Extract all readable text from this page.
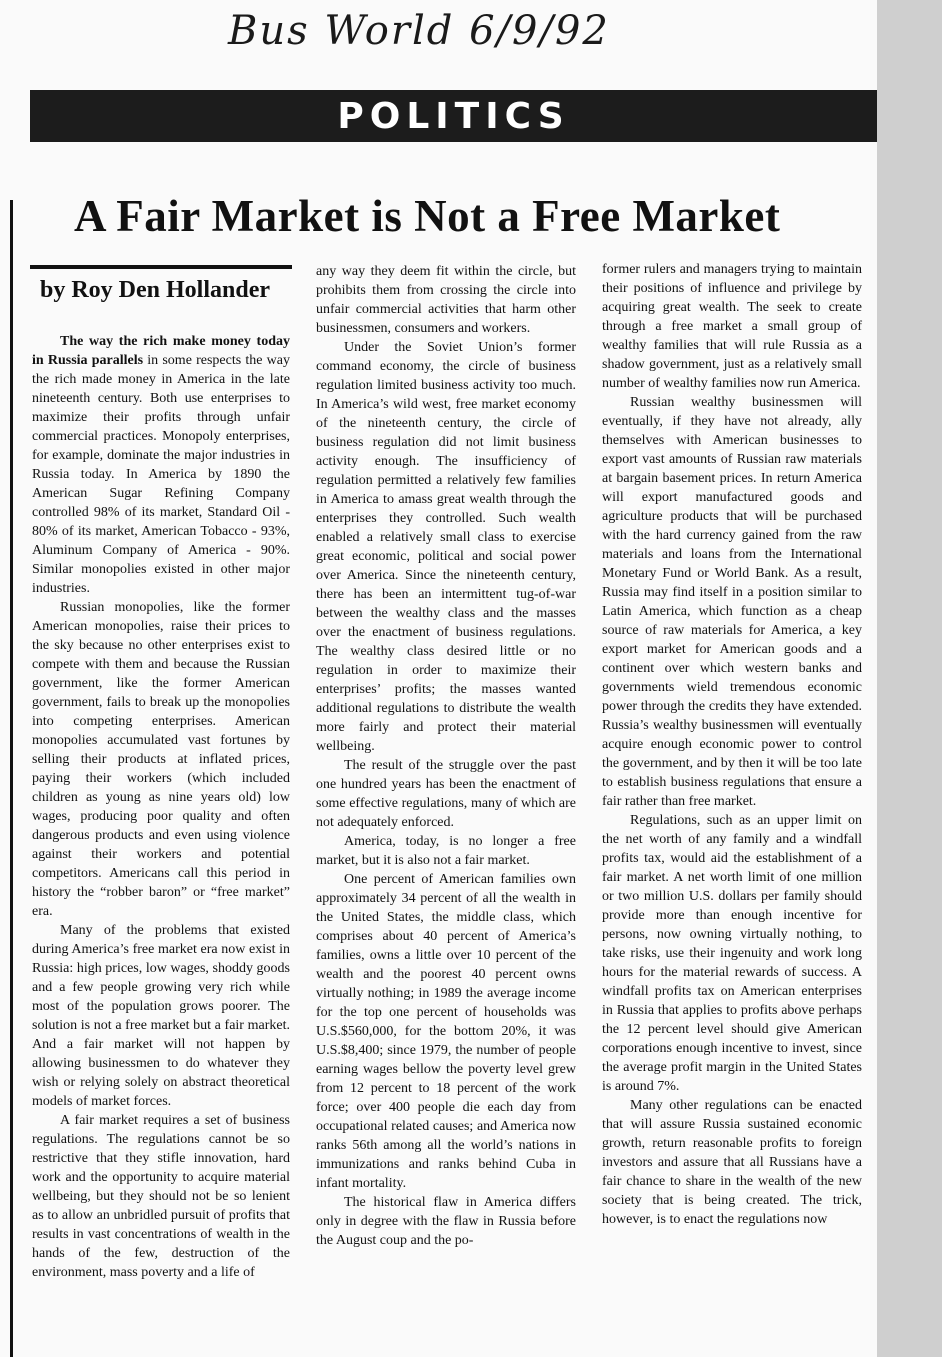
Bus World 6/9/92
POLITICS
A Fair Market is Not a Free Market
by Roy Den Hollander

The way the rich make money today in Russia parallels in some respects the way the rich made money in America in the late nineteenth century. Both use enterprises to maximize their profits through unfair commercial practices. Monopoly enterprises, for example, dominate the major industries in Russia today. In America by 1890 the American Sugar Refining Company controlled 98% of its market, Standard Oil - 80% of its market, American Tobacco - 93%, Aluminum Company of America - 90%. Similar monopolies existed in other major industries.

Russian monopolies, like the former American monopolies, raise their prices to the sky because no other enterprises exist to compete with them and because the Russian government, like the former American government, fails to break up the monopolies into competing enterprises. American monopolies accumulated vast fortunes by selling their products at inflated prices, paying their workers (which included children as young as nine years old) low wages, producing poor quality and often dangerous products and even using violence against their workers and potential competitors. Americans call this period in history the “robber baron” or “free market” era.

Many of the problems that existed during America’s free market era now exist in Russia: high prices, low wages, shoddy goods and a few people growing very rich while most of the population grows poorer. The solution is not a free market but a fair market. And a fair market will not happen by allowing businessmen to do whatever they wish or relying solely on abstract theoretical models of market forces.

A fair market requires a set of business regulations. The regulations cannot be so restrictive that they stifle innovation, hard work and the opportunity to acquire material wellbeing, but they should not be so lenient as to allow an unbridled pursuit of profits that results in vast concentrations of wealth in the hands of the few, destruction of the environment, mass poverty and a life of

any way they deem fit within the circle, but prohibits them from crossing the circle into unfair commercial activities that harm other businessmen, consumers and workers.

Under the Soviet Union’s former command economy, the circle of business regulation limited business activity too much. In America’s wild west, free market economy of the nineteenth century, the circle of business regulation did not limit business activity enough. The insufficiency of regulation permitted a relatively few families in America to amass great wealth through the enterprises they controlled. Such wealth enabled a relatively small class to exercise great economic, political and social power over America. Since the nineteenth century, there has been an intermittent tug-of-war between the wealthy class and the masses over the enactment of business regulations. The wealthy class desired little or no regulation in order to maximize their enterprises’ profits; the masses wanted additional regulations to distribute the wealth more fairly and protect their material wellbeing.

The result of the struggle over the past one hundred years has been the enactment of some effective regulations, many of which are not adequately enforced.

America, today, is no longer a free market, but it is also not a fair market.

One percent of American families own approximately 34 percent of all the wealth in the United States, the middle class, which comprises about 40 percent of America’s families, owns a little over 10 percent of the wealth and the poorest 40 percent owns virtually nothing; in 1989 the average income for the top one percent of households was U.S.$560,000, for the bottom 20%, it was U.S.$8,400; since 1979, the number of people earning wages bellow the poverty level grew from 12 percent to 18 percent of the work force; over 400 people die each day from occupational related causes; and America now ranks 56th among all the world’s nations in immunizations and ranks behind Cuba in infant mortality.

The historical flaw in America differs only in degree with the flaw in Russia before the August coup and the po-

former rulers and managers trying to maintain their positions of influence and privilege by acquiring great wealth. The seek to create through a free market a small group of wealthy families that will rule Russia as a shadow government, just as a relatively small number of wealthy families now run America.

Russian wealthy businessmen will eventually, if they have not already, ally themselves with American businesses to export vast amounts of Russian raw materials at bargain basement prices. In return America will export manufactured goods and agriculture products that will be purchased with the hard currency gained from the raw materials and loans from the International Monetary Fund or World Bank. As a result, Russia may find itself in a position similar to Latin America, which function as a cheap source of raw materials for America, a key export market for American goods and a continent over which western banks and governments wield tremendous economic power through the credits they have extended. Russia’s wealthy businessmen will eventually acquire enough economic power to control the government, and by then it will be too late to establish business regulations that ensure a fair rather than free market.

Regulations, such as an upper limit on the net worth of any family and a windfall profits tax, would aid the establishment of a fair market. A net worth limit of one million or two million U.S. dollars per family should provide more than enough incentive for persons, now owning virtually nothing, to take risks, use their ingenuity and work long hours for the material rewards of success. A windfall profits tax on American enterprises in Russia that applies to profits above perhaps the 12 percent level should give American corporations enough incentive to invest, since the average profit margin in the United States is around 7%.

Many other regulations can be enacted that will assure Russia sustained economic growth, return reasonable profits to foreign investors and assure that all Russians have a fair chance to share in the wealth of the new society that is being created. The trick, however, is to enact the regulations now
